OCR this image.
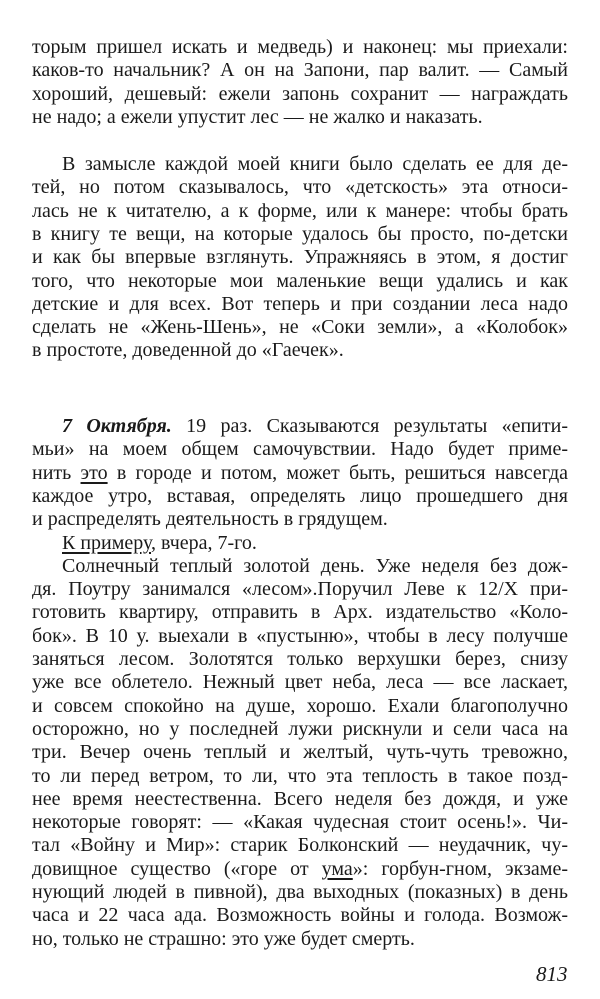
торым пришел искать и медведь) и наконец: мы приехали:
каков-то начальник? А он на Запони, пар валит. — Самый
хороший, дешевый: ежели запонь сохранит — награждать
не надо; а ежели упустит лес — не жалко и наказать.
В замысле каждой моей книги было сделать ее для де-
тей, но потом сказывалось, что «детскость» эта относи-
лась не к читателю, а к форме, или к манере: чтобы брать
в книгу те вещи, на которые удалось бы просто, по-детски
и как бы впервые взглянуть. Упражняясь в этом, я достиг
того, что некоторые мои маленькие вещи удались и как
детские и для всех. Вот теперь и при создании леса надо
сделать не «Жень-Шень», не «Соки земли», а «Колобок»
в простоте, доведенной до «Гаечек».
7 Октября. 19 раз. Сказываются результаты «епити-
мьи» на моем общем самочувствии. Надо будет приме-
нить это в городе и потом, может быть, решиться навсегда
каждое утро, вставая, определять лицо прошедшего дня
и распределять деятельность в грядущем.
К примеру, вчера, 7-го.
Солнечный теплый золотой день. Уже неделя без дож-
дя. Поутру занимался «лесом».Поручил Леве к 12/X при-
готовить квартиру, отправить в Арх. издательство «Коло-
бок». В 10 у. выехали в «пустыню», чтобы в лесу получше
заняться лесом. Золотятся только верхушки берез, снизу
уже все облетело. Нежный цвет неба, леса — все ласкает,
и совсем спокойно на душе, хорошо. Ехали благополучно
осторожно, но у последней лужи рискнули и сели часа на
три. Вечер очень теплый и желтый, чуть-чуть тревожно,
то ли перед ветром, то ли, что эта теплость в такое позд-
нее время неестественна. Всего неделя без дождя, и уже
некоторые говорят: — «Какая чудесная стоит осень!». Чи-
тал «Войну и Мир»: старик Болконский — неудачник, чу-
довищное существо («горе от ума»: горбун-гном, экзаме-
нующий людей в пивной), два выходных (показных) в день
часа и 22 часа ада. Возможность войны и голода. Возмож-
но, только не страшно: это уже будет смерть.
813
